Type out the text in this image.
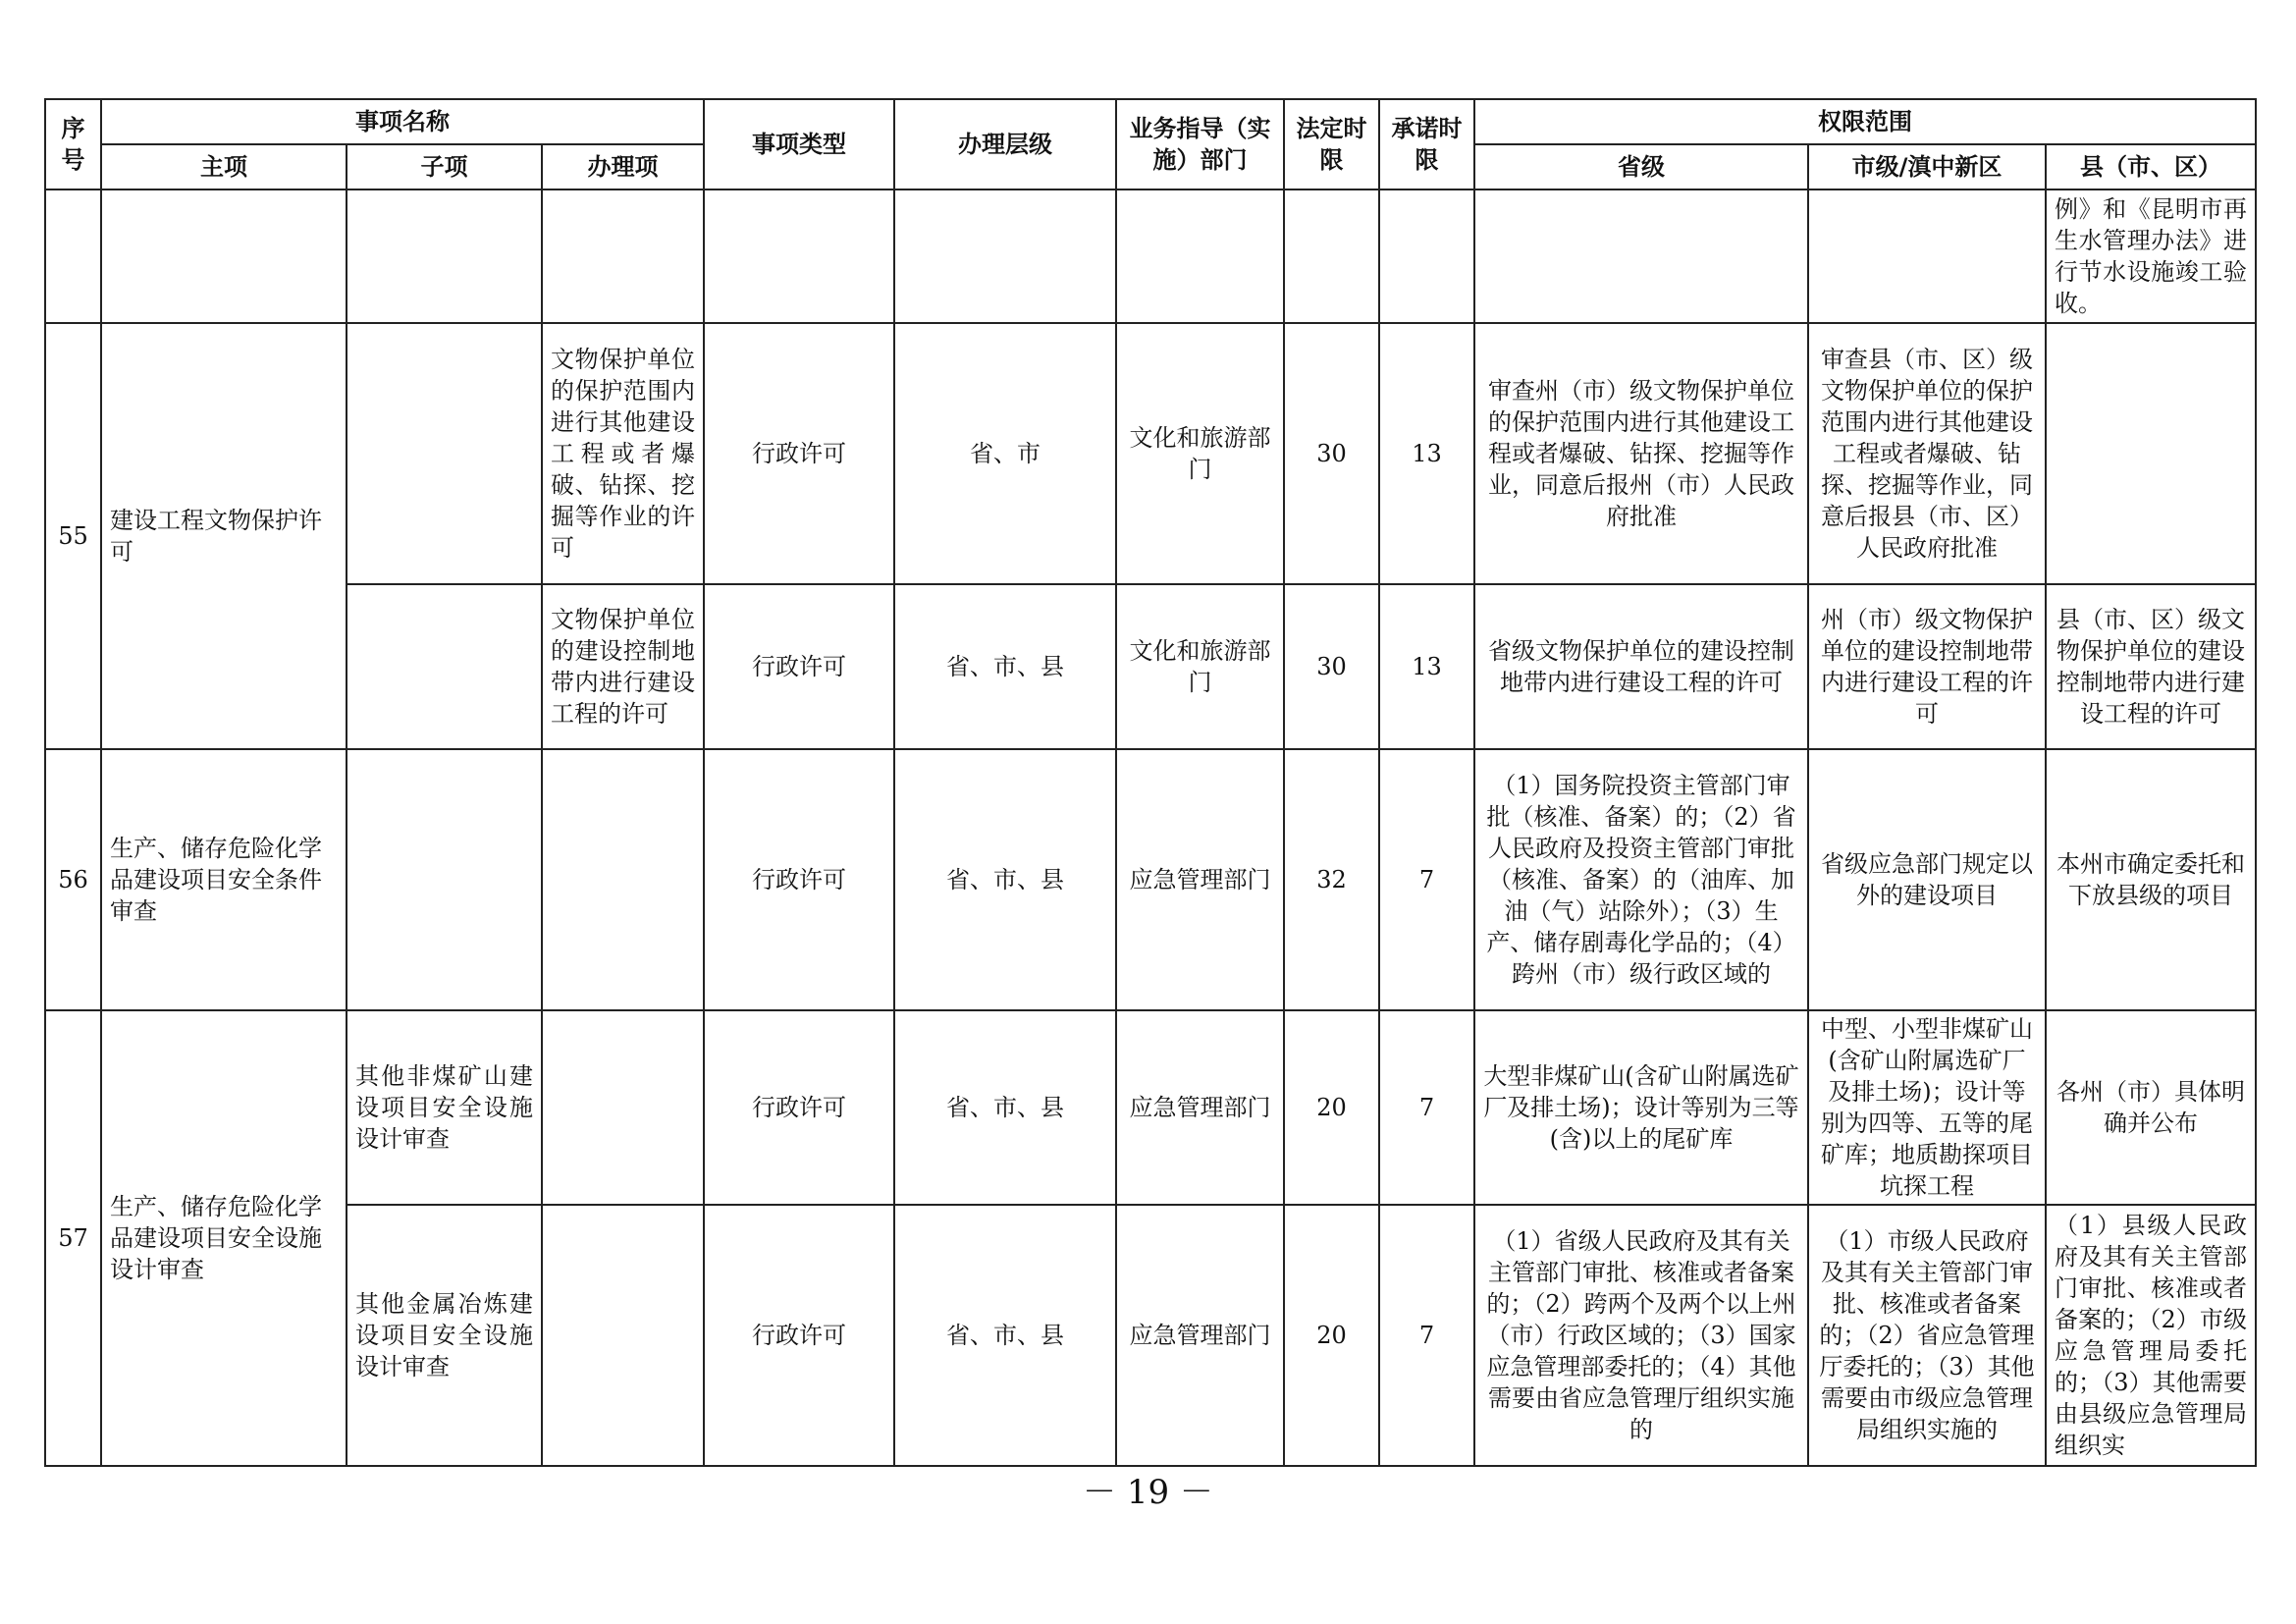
序号	事项名称			事项类型	办理层级	业务指导（实施）部门	法定时限	承诺时限	权限范围		
	主项	子项	办理项						省级	市级/滇中新区	县（市、区）
											例》和《昆明市再生水管理办法》进行节水设施竣工验收。
55	建设工程文物保护许可		文物保护单位的保护范围内进行其他建设工程或者爆破、钻探、挖掘等作业的许可	行政许可	省、市	文化和旅游部门	30	13	审查州（市）级文物保护单位的保护范围内进行其他建设工程或者爆破、钻探、挖掘等作业，同意后报州（市）人民政府批准	审查县（市、区）级文物保护单位的保护范围内进行其他建设工程或者爆破、钻探、挖掘等作业，同意后报县（市、区）人民政府批准	
			文物保护单位的建设控制地带内进行建设工程的许可	行政许可	省、市、县	文化和旅游部门	30	13	省级文物保护单位的建设控制地带内进行建设工程的许可	州（市）级文物保护单位的建设控制地带内进行建设工程的许可	县（市、区）级文物保护单位的建设控制地带内进行建设工程的许可
56	生产、储存危险化学品建设项目安全条件审查			行政许可	省、市、县	应急管理部门	32	7	（1）国务院投资主管部门审批（核准、备案）的；（2）省人民政府及投资主管部门审批（核准、备案）的（油库、加油（气）站除外）；（3）生产、储存剧毒化学品的；（4）跨州（市）级行政区域的	省级应急部门规定以外的建设项目	本州市确定委托和下放县级的项目
57	生产、储存危险化学品建设项目安全设施设计审查	其他非煤矿山建设项目安全设施设计审查		行政许可	省、市、县	应急管理部门	20	7	大型非煤矿山(含矿山附属选矿厂及排土场)；设计等别为三等(含)以上的尾矿库	中型、小型非煤矿山(含矿山附属选矿厂及排土场)；设计等别为四等、五等的尾矿库；地质勘探项目坑探工程	各州（市）具体明确并公布
		其他金属冶炼建设项目安全设施设计审查		行政许可	省、市、县	应急管理部门	20	7	（1）省级人民政府及其有关主管部门审批、核准或者备案的；（2）跨两个及两个以上州（市）行政区域的；（3）国家应急管理部委托的；（4）其他需要由省应急管理厅组织实施的	（1）市级人民政府及其有关主管部门审批、核准或者备案的；（2）省应急管理厅委托的；（3）其他需要由市级应急管理局组织实施的	（1）县级人民政府及其有关主管部门审批、核准或者备案的；（2）市级应急管理局委托的；（3）其他需要由县级应急管理局组织实
－ 19 －
